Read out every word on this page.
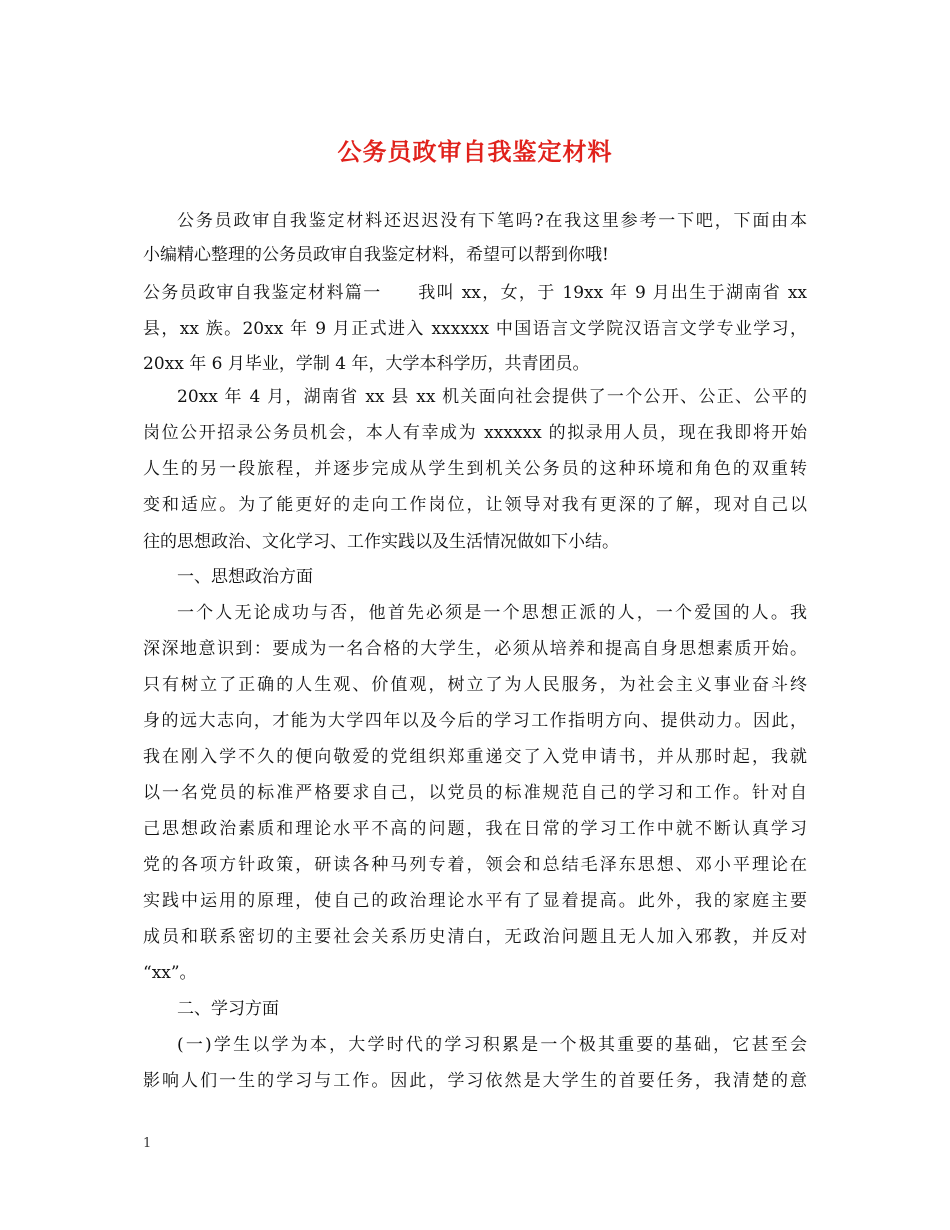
公务员政审自我鉴定材料
公务员政审自我鉴定材料还迟迟没有下笔吗?在我这里参考一下吧，下面由本
小编精心整理的公务员政审自我鉴定材料，希望可以帮到你哦!
公务员政审自我鉴定材料篇一　　我叫 xx，女，于 19xx 年 9 月出生于湖南省 xx
县，xx 族。20xx 年 9 月正式进入 xxxxxx 中国语言文学院汉语言文学专业学习，
20xx 年 6 月毕业，学制 4 年，大学本科学历，共青团员。
20xx 年 4 月，湖南省 xx 县 xx 机关面向社会提供了一个公开、公正、公平的
岗位公开招录公务员机会，本人有幸成为 xxxxxx 的拟录用人员，现在我即将开始
人生的另一段旅程，并逐步完成从学生到机关公务员的这种环境和角色的双重转
变和适应。为了能更好的走向工作岗位，让领导对我有更深的了解，现对自己以
往的思想政治、文化学习、工作实践以及生活情况做如下小结。
一、思想政治方面
一个人无论成功与否，他首先必须是一个思想正派的人，一个爱国的人。我
深深地意识到：要成为一名合格的大学生，必须从培养和提高自身思想素质开始。
只有树立了正确的人生观、价值观，树立了为人民服务，为社会主义事业奋斗终
身的远大志向，才能为大学四年以及今后的学习工作指明方向、提供动力。因此，
我在刚入学不久的便向敬爱的党组织郑重递交了入党申请书，并从那时起，我就
以一名党员的标准严格要求自己，以党员的标准规范自己的学习和工作。针对自
己思想政治素质和理论水平不高的问题，我在日常的学习工作中就不断认真学习
党的各项方针政策，研读各种马列专着，领会和总结毛泽东思想、邓小平理论在
实践中运用的原理，使自己的政治理论水平有了显着提高。此外，我的家庭主要
成员和联系密切的主要社会关系历史清白，无政治问题且无人加入邪教，并反对
“xx”。
二、学习方面
(一)学生以学为本，大学时代的学习积累是一个极其重要的基础，它甚至会
影响人们一生的学习与工作。因此，学习依然是大学生的首要任务，我清楚的意
1
